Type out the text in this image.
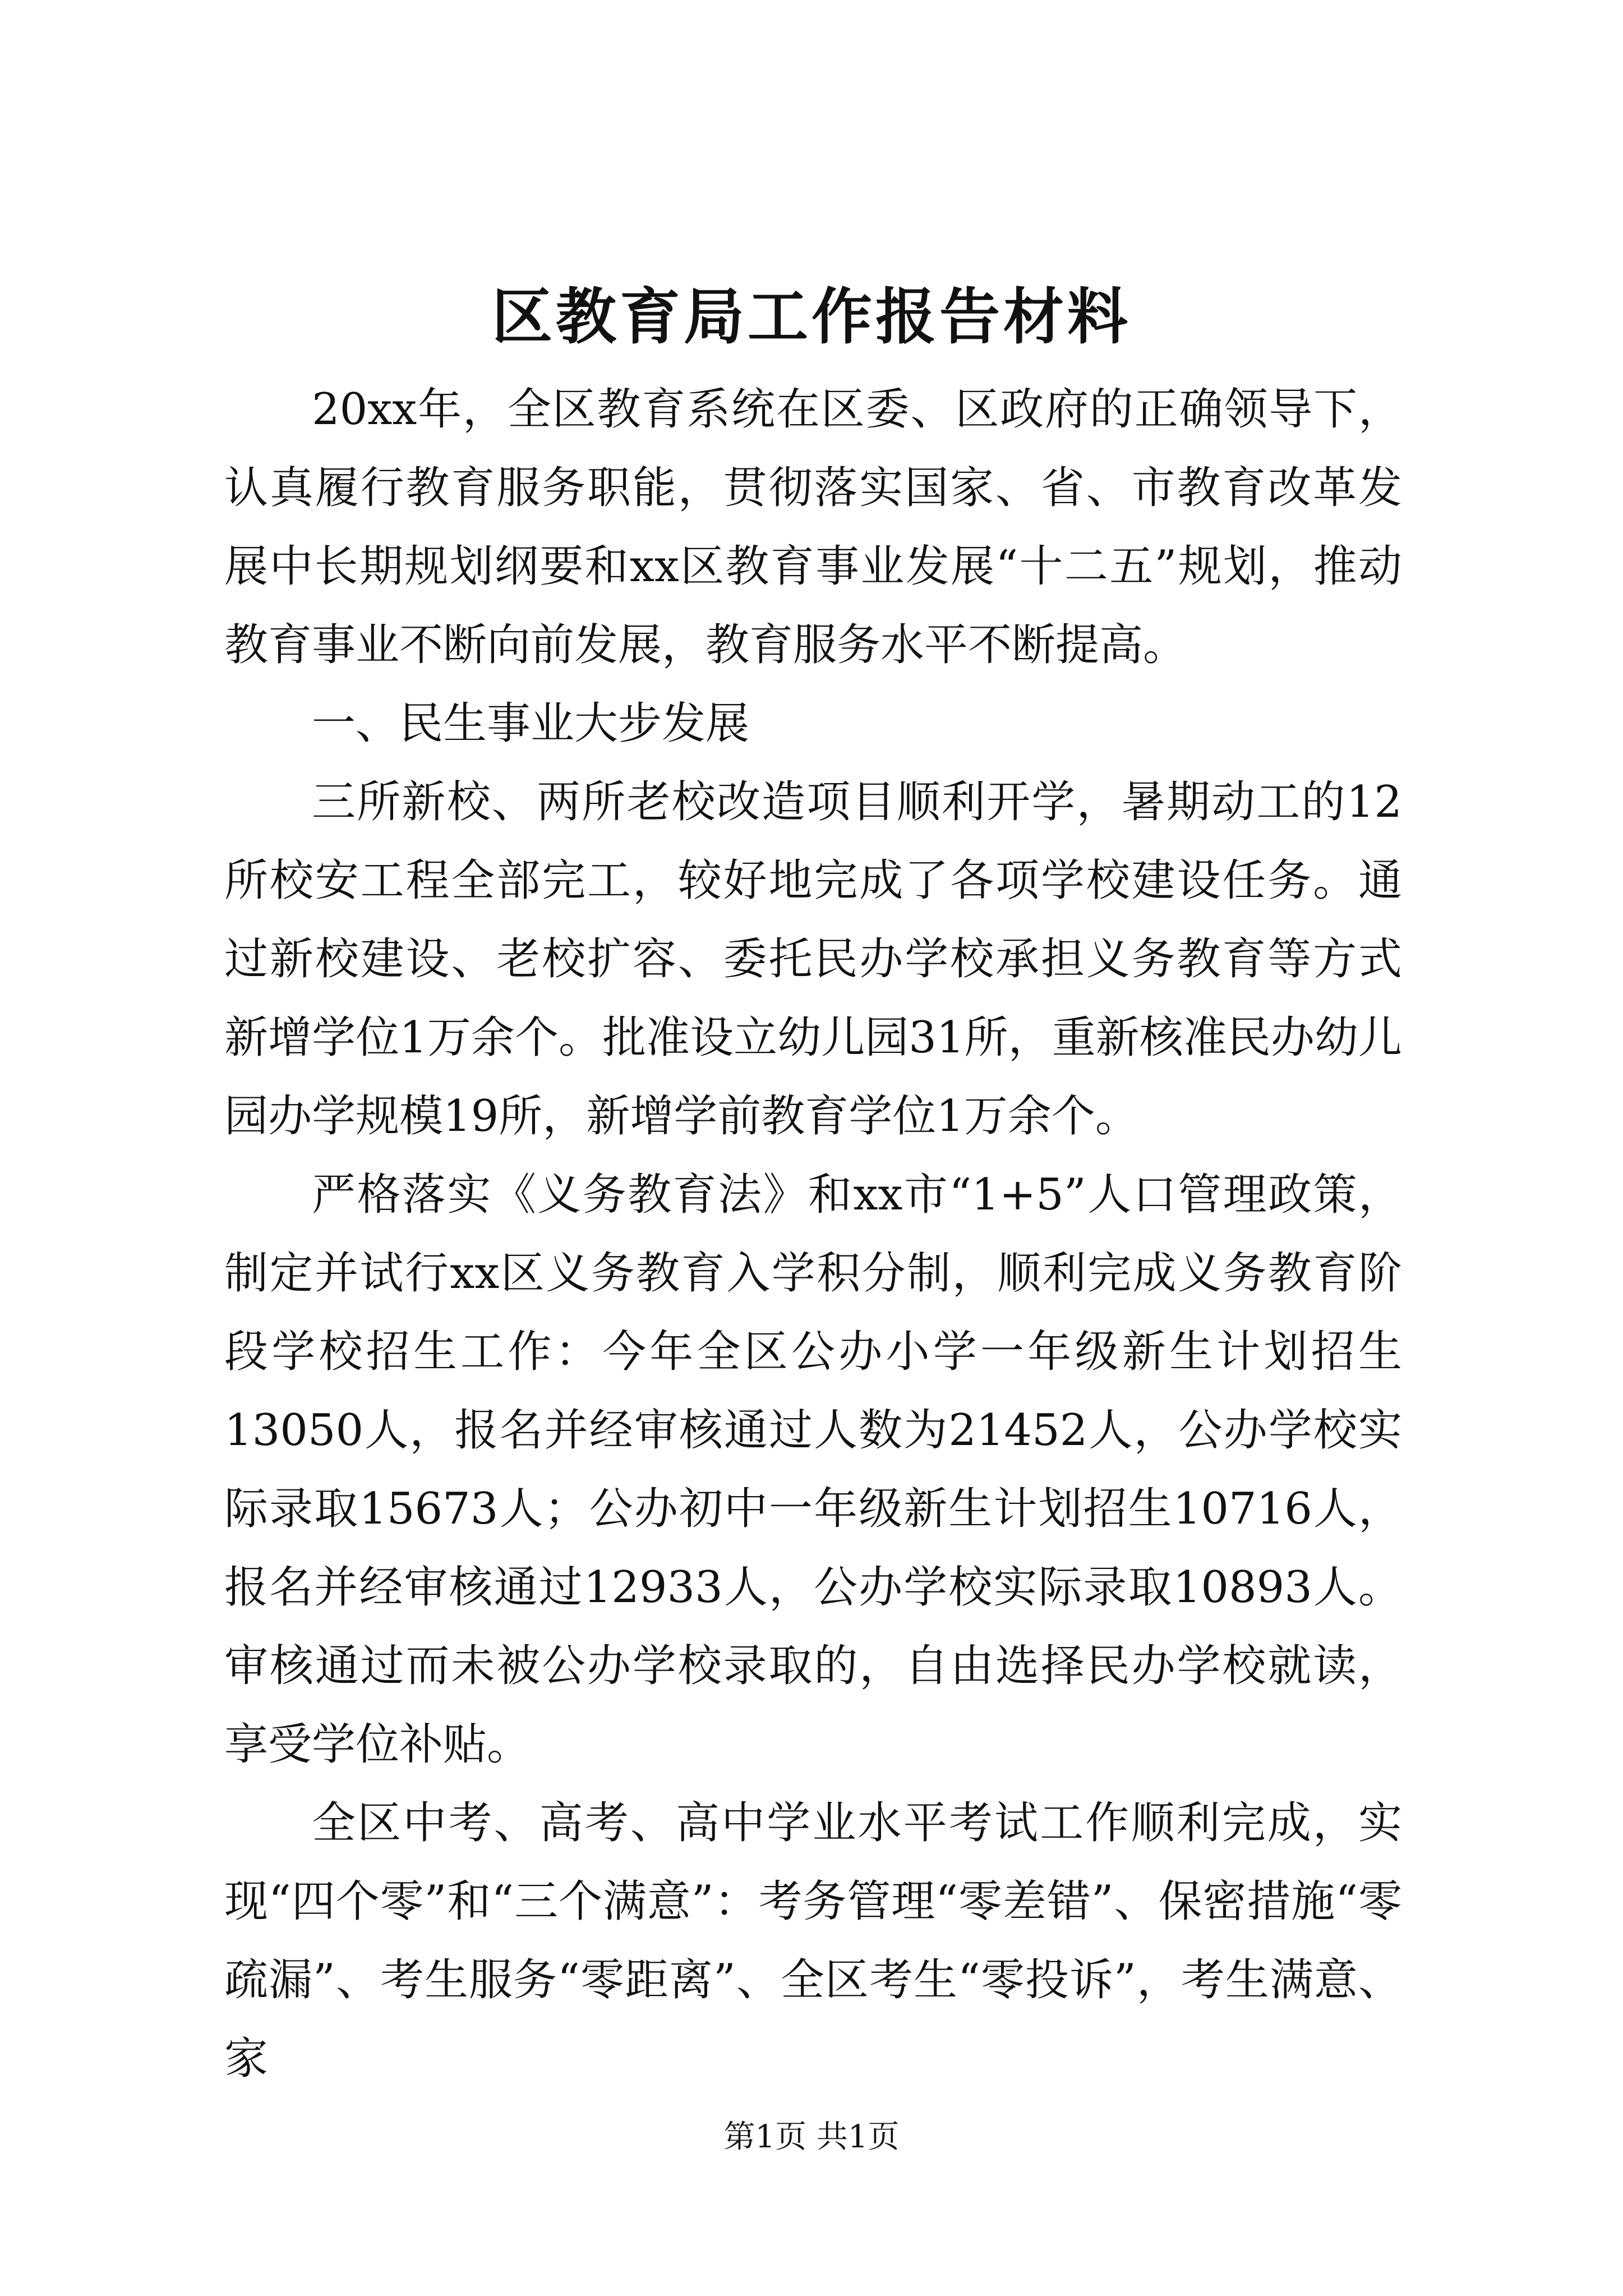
区教育局工作报告材料

20xx年，全区教育系统在区委、区政府的正确领导下，认真履行教育服务职能，贯彻落实国家、省、市教育改革发展中长期规划纲要和xx区教育事业发展“十二五”规划，推动教育事业不断向前发展，教育服务水平不断提高。

一、民生事业大步发展

三所新校、两所老校改造项目顺利开学，暑期动工的12所校安工程全部完工，较好地完成了各项学校建设任务。通过新校建设、老校扩容、委托民办学校承担义务教育等方式新增学位1万余个。批准设立幼儿园31所，重新核准民办幼儿园办学规模19所，新增学前教育学位1万余个。

严格落实《义务教育法》和xx市“1+5”人口管理政策，制定并试行xx区义务教育入学积分制，顺利完成义务教育阶段学校招生工作：今年全区公办小学一年级新生计划招生13050人，报名并经审核通过人数为21452人，公办学校实际录取15673人；公办初中一年级新生计划招生10716人，报名并经审核通过12933人，公办学校实际录取10893人。审核通过而未被公办学校录取的，自由选择民办学校就读，享受学位补贴。

全区中考、高考、高中学业水平考试工作顺利完成，实现“四个零”和“三个满意”：考务管理“零差错”、保密措施“零疏漏”、考生服务“零距离”、全区考生“零投诉”，考生满意、家

第1页 共1页
